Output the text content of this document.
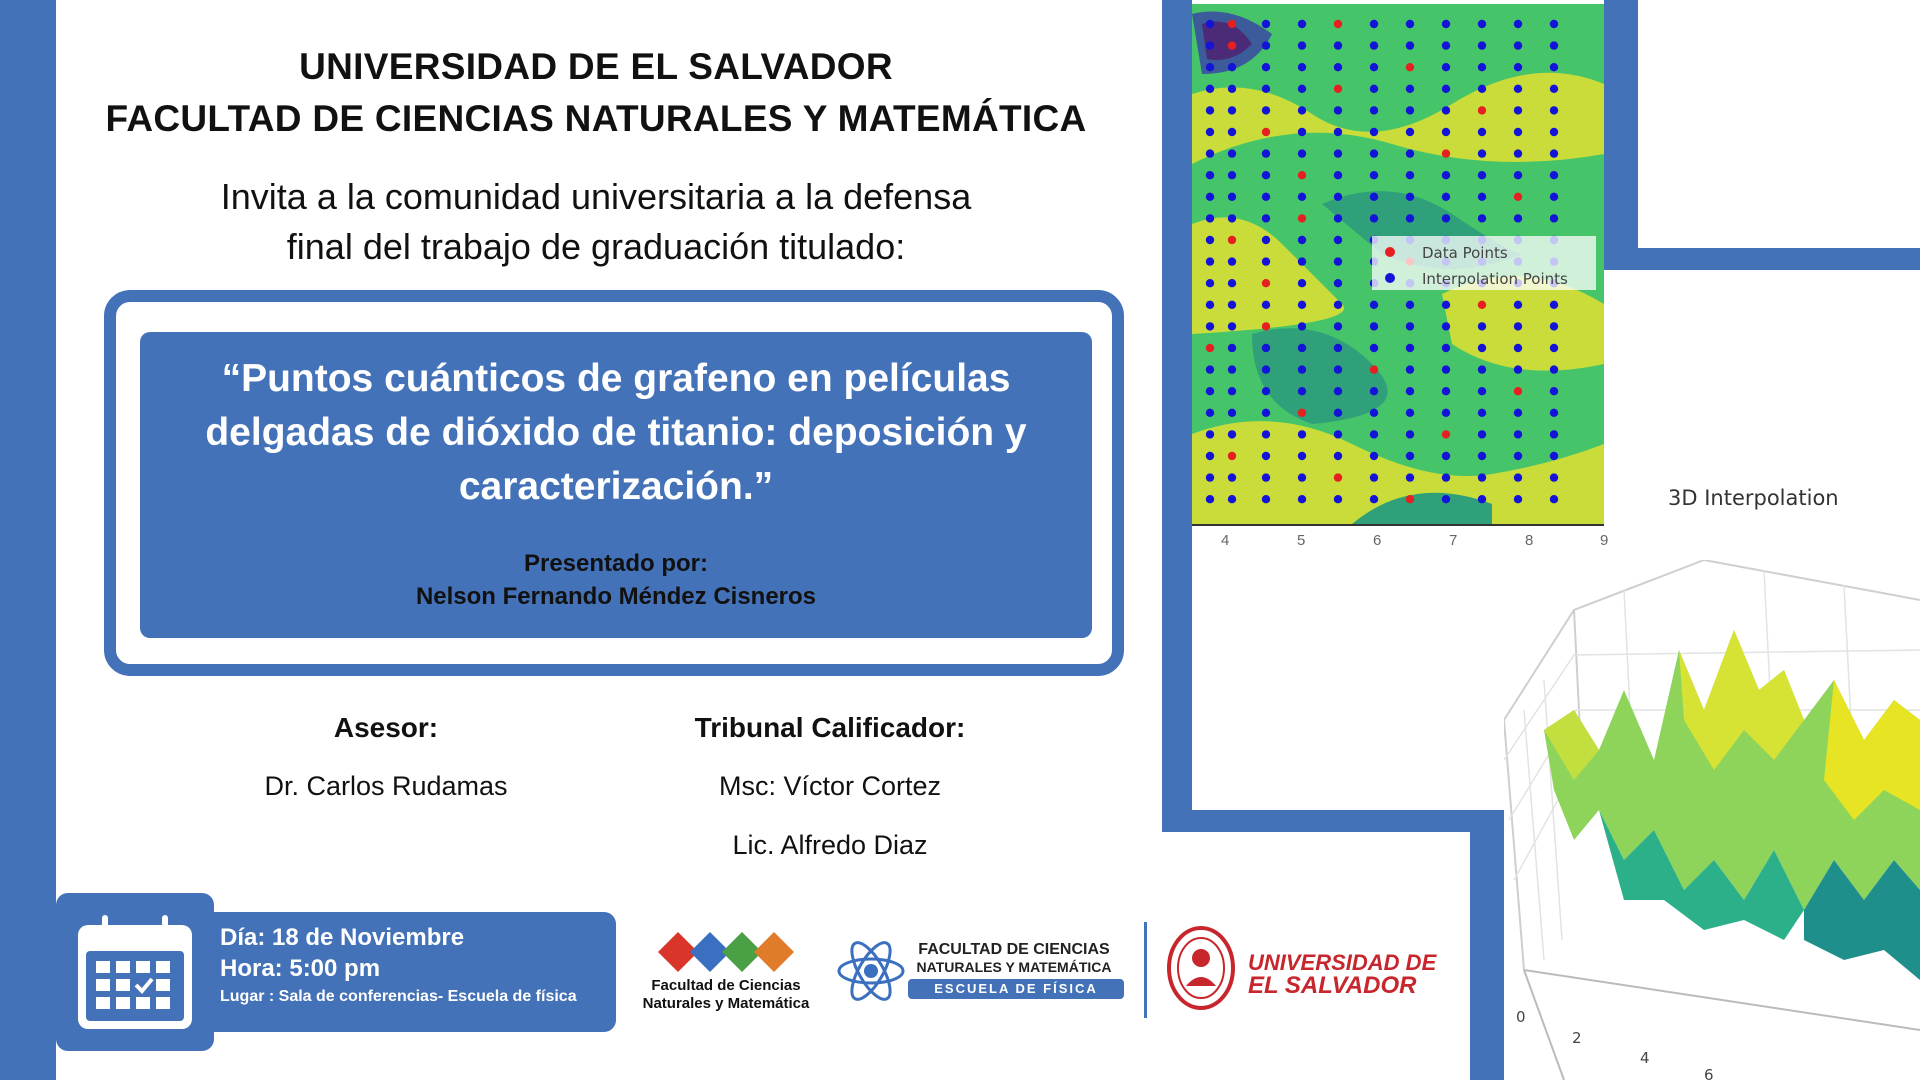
UNIVERSIDAD DE EL SALVADOR
FACULTAD DE CIENCIAS NATURALES Y MATEMÁTICA
Invita a la comunidad universitaria a la defensa
final del trabajo de graduación titulado:
“Puntos cuánticos de grafeno en películas
delgadas de dióxido de titanio: deposición y
caracterización.”
Presentado por:
Nelson Fernando Méndez Cisneros
Asesor:
Dr. Carlos Rudamas
Tribunal Calificador:
Msc: Víctor Cortez
Lic. Alfredo Diaz
Día: 18 de Noviembre
Hora: 5:00 pm
Lugar : Sala de conferencias- Escuela de física
Facultad de Ciencias
Naturales y Matemática
FACULTAD DE CIENCIAS
NATURALES Y MATEMÁTICA
ESCUELA DE FÍSICA
UNIVERSIDAD DE
EL SALVADOR
Data Points
Interpolation Points
4	5	6	7	8	9
3D Interpolation
0
2
4
6
